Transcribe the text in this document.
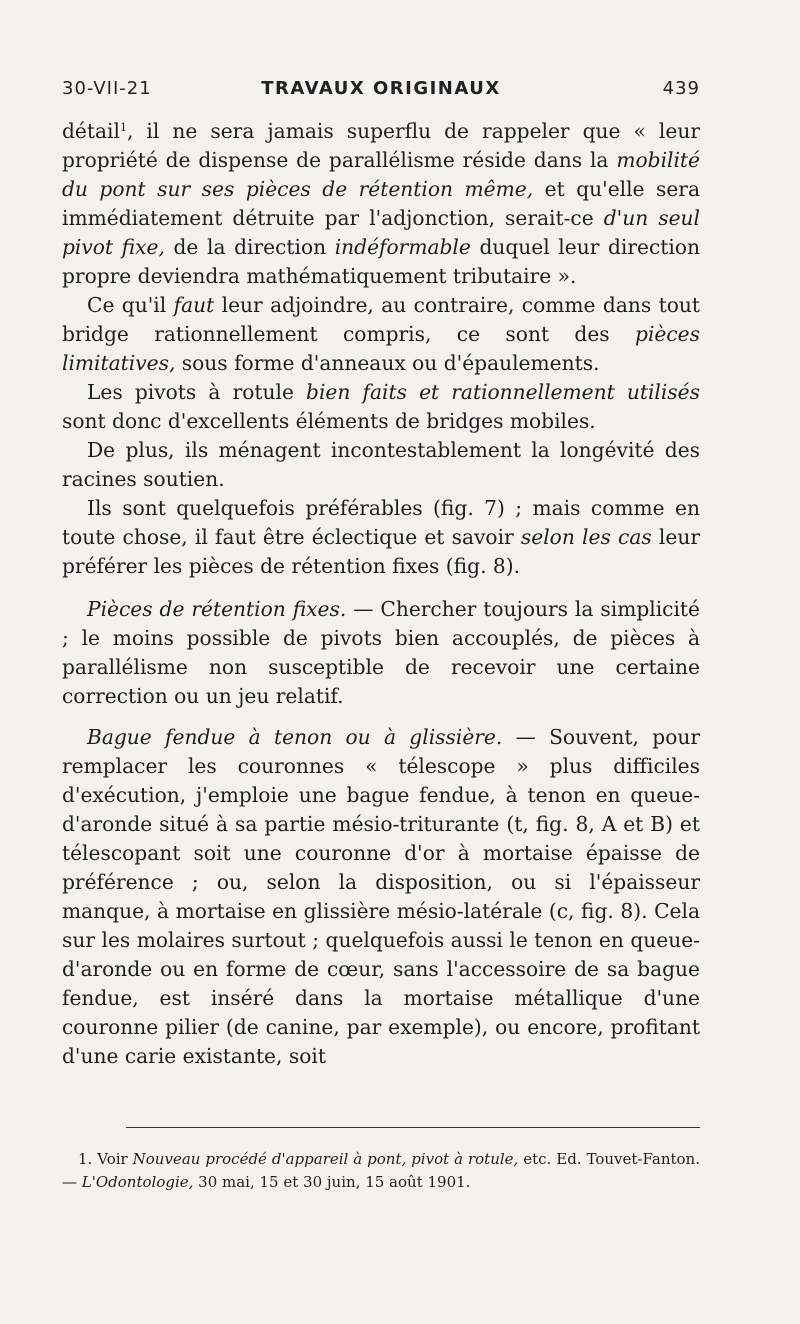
30-VII-21	TRAVAUX ORIGINAUX	439

détail$^1$, il ne sera jamais superflu de rappeler que « leur propriété de dispense de parallélisme réside dans la mobilité du pont sur ses pièces de rétention même, et qu'elle sera immédiatement détruite par l'adjonction, serait-ce d'un seul pivot fixe, de la direction indéformable duquel leur direction propre deviendra mathématiquement tributaire ».

Ce qu'il faut leur adjoindre, au contraire, comme dans tout bridge rationnellement compris, ce sont des pièces limitatives, sous forme d'anneaux ou d'épaulements.

Les pivots à rotule bien faits et rationnellement utilisés sont donc d'excellents éléments de bridges mobiles.

De plus, ils ménagent incontestablement la longévité des racines soutien.

Ils sont quelquefois préférables (fig. 7) ; mais comme en toute chose, il faut être éclectique et savoir selon les cas leur préférer les pièces de rétention fixes (fig. 8).

Pièces de rétention fixes. — Chercher toujours la simplicité ; le moins possible de pivots bien accouplés, de pièces à parallélisme non susceptible de recevoir une certaine correction ou un jeu relatif.

Bague fendue à tenon ou à glissière. — Souvent, pour remplacer les couronnes « télescope » plus difficiles d'exécution, j'emploie une bague fendue, à tenon en queue-d'aronde situé à sa partie mésio-triturante (t, fig. 8, A et B) et télescopant soit une couronne d'or à mortaise épaisse de préférence ; ou, selon la disposition, ou si l'épaisseur manque, à mortaise en glissière mésio-latérale (c, fig. 8). Cela sur les molaires surtout ; quelquefois aussi le tenon en queue-d'aronde ou en forme de cœur, sans l'accessoire de sa bague fendue, est inséré dans la mortaise métallique d'une couronne pilier (de canine, par exemple), ou encore, profitant d'une carie existante, soit

1. Voir Nouveau procédé d'appareil à pont, pivot à rotule, etc. Ed. Touvet-Fanton. — L'Odontologie, 30 mai, 15 et 30 juin, 15 août 1901.
